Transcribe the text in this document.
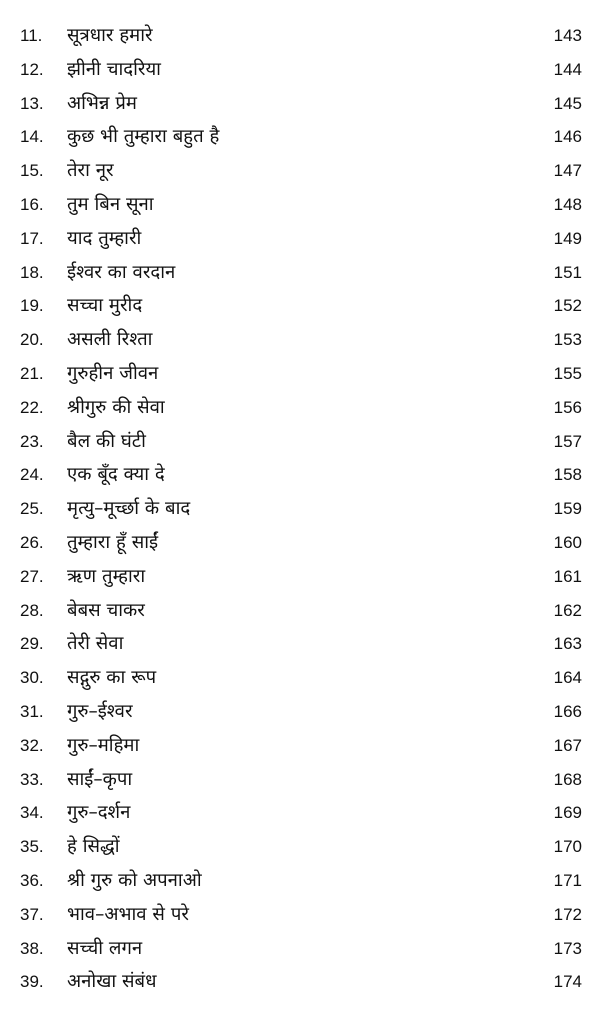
11.	सूत्रधार हमारे	143
12.	झीनी चादरिया	144
13.	अभिन्न प्रेम	145
14.	कुछ भी तुम्हारा बहुत है	146
15.	तेरा नूर	147
16.	तुम बिन सूना	148
17.	याद तुम्हारी	149
18.	ईश्वर का वरदान	151
19.	सच्चा मुरीद	152
20.	असली रिश्ता	153
21.	गुरुहीन जीवन	155
22.	श्रीगुरु की सेवा	156
23.	बैल की घंटी	157
24.	एक बूँद क्या दे	158
25.	मृत्यु–मूर्च्छा के बाद	159
26.	तुम्हारा हूँ साईं	160
27.	ऋण तुम्हारा	161
28.	बेबस चाकर	162
29.	तेरी सेवा	163
30.	सद्गुरु का रूप	164
31.	गुरु–ईश्वर	166
32.	गुरु–महिमा	167
33.	साईं–कृपा	168
34.	गुरु–दर्शन	169
35.	हे सिद्धों	170
36.	श्री गुरु को अपनाओ	171
37.	भाव–अभाव से परे	172
38.	सच्ची लगन	173
39.	अनोखा संबंध	174
